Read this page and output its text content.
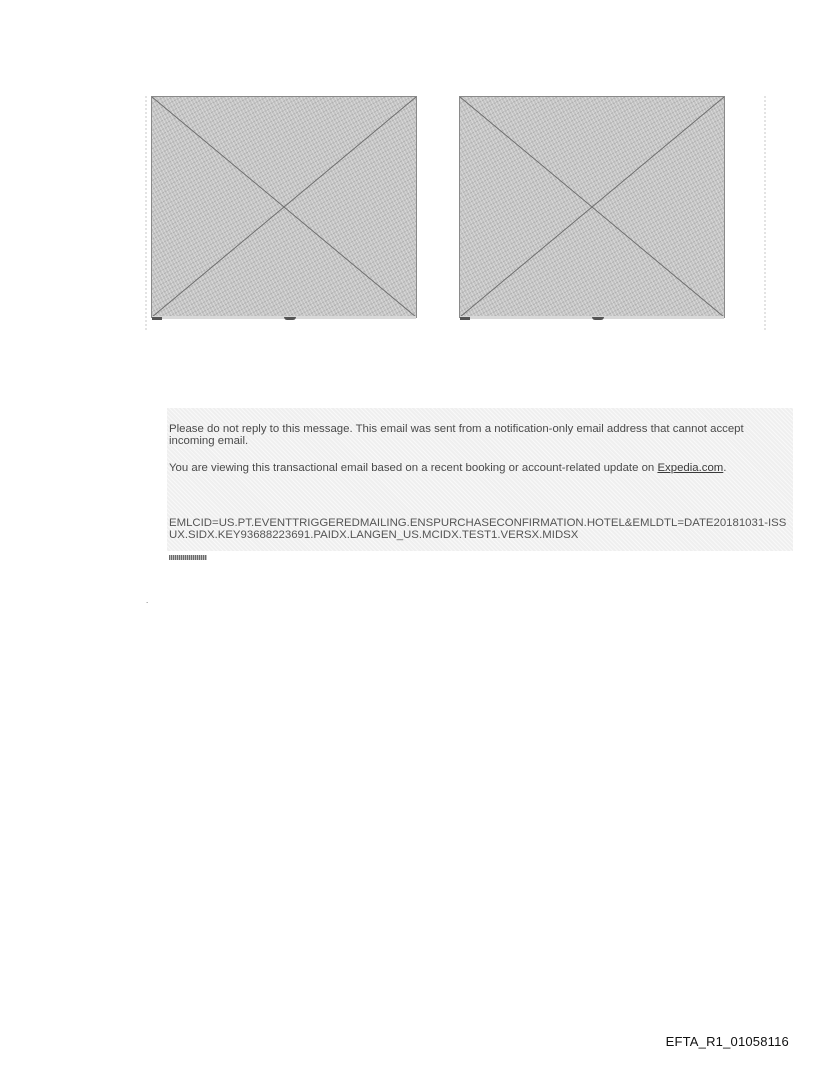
Please do not reply to this message. This email was sent from a notification-only email address that cannot accept incoming email.

You are viewing this transactional email based on a recent booking or account-related update on Expedia.com.

EMLCID=US.PT.EVENTTRIGGEREDMAILING.ENSPURCHASECONFIRMATION.HOTEL&EMLDTL=DATE20181031-ISSUX.SIDX.KEY93688223691.PAIDX.LANGEN_US.MCIDX.TEST1.VERSX.MIDSX

.
EFTA_R1_01058116
